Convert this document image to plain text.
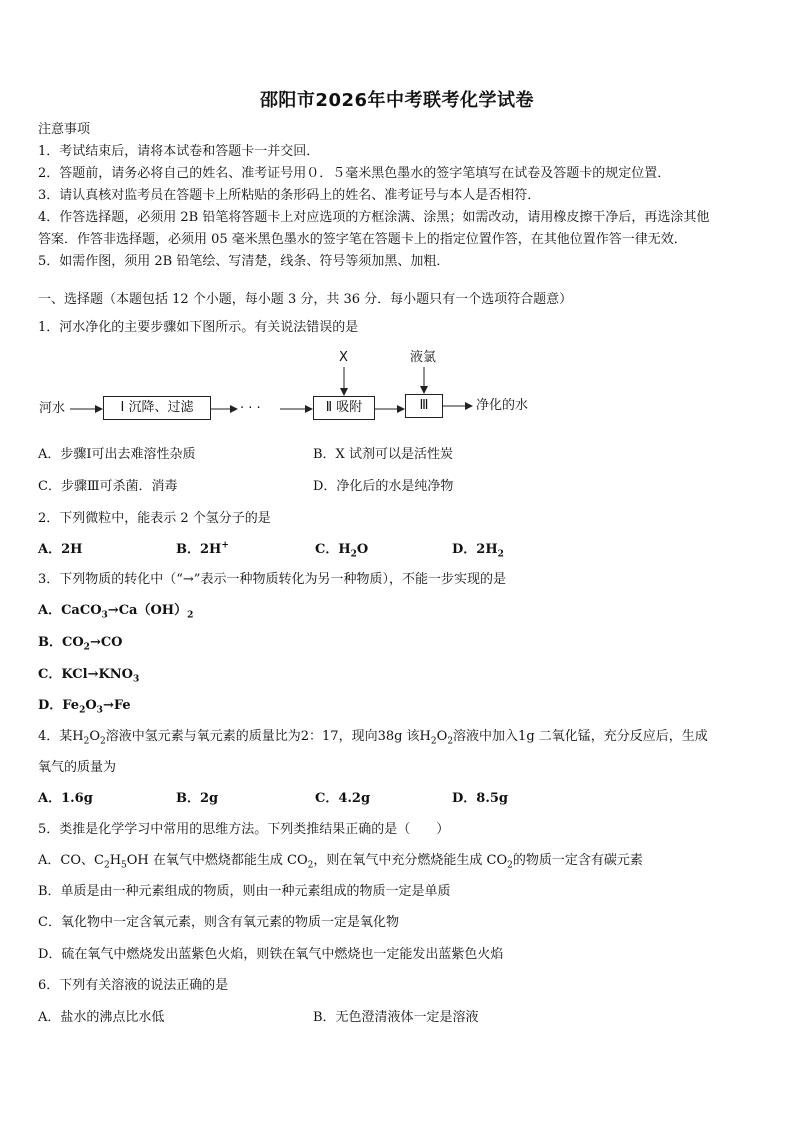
邵阳市2026年中考联考化学试卷
注意事项
1．考试结束后，请将本试卷和答题卡一并交回．
2．答题前，请务必将自己的姓名、准考证号用０．５毫米黑色墨水的签字笔填写在试卷及答题卡的规定位置．
3．请认真核对监考员在答题卡上所粘贴的条形码上的姓名、准考证号与本人是否相符．
4．作答选择题，必须用 2B 铅笔将答题卡上对应选项的方框涂满、涂黑；如需改动，请用橡皮擦干净后，再选涂其他
答案．作答非选择题，必须用 05 毫米黑色墨水的签字笔在答题卡上的指定位置作答，在其他位置作答一律无效．
5．如需作图，须用 2B 铅笔绘、写清楚，线条、符号等须加黑、加粗．
一、选择题（本题包括 12 个小题，每小题 3 分，共 36 分．每小题只有一个选项符合题意）
1．河水净化的主要步骤如下图所示。有关说法错误的是
河水	Ⅰ 沉降、过滤	· · ·	Ⅱ 吸附	Ⅲ	净化的水
X	液氯
A．步骤Ⅰ可出去难溶性杂质	B．X 试剂可以是活性炭
C．步骤Ⅲ可杀菌．消毒	D．净化后的水是纯净物
2．下列微粒中，能表示 2 个氢分子的是
A．2H	B．2H+	C．$H_2O$	D．$2H_2$
3．下列物质的转化中（“→”表示一种物质转化为另一种物质），不能一步实现的是
A．$CaCO_3\to Ca(OH)_2$
B．$CO_2\to CO$
C．$KCl\to KNO_3$
D．$Fe_2O_3\to Fe$
4．某$H_2O_2$溶液中氢元素与氧元素的质量比为2：17，现向38g 该$H_2O_2$溶液中加入1g 二氧化锰，充分反应后，生成
氧气的质量为
A．1.6g	B．2g	C．4.2g	D．8.5g
5．类推是化学学习中常用的思维方法。下列类推结果正确的是（　　）
A．CO、$C_2H_5OH$ 在氧气中燃烧都能生成 $CO_2$，则在氧气中充分燃烧能生成 $CO_2$的物质一定含有碳元素
B．单质是由一种元素组成的物质，则由一种元素组成的物质一定是单质
C．氧化物中一定含氧元素，则含有氧元素的物质一定是氧化物
D．硫在氧气中燃烧发出蓝紫色火焰，则铁在氧气中燃烧也一定能发出蓝紫色火焰
6．下列有关溶液的说法正确的是
A．盐水的沸点比水低	B．无色澄清液体一定是溶液
